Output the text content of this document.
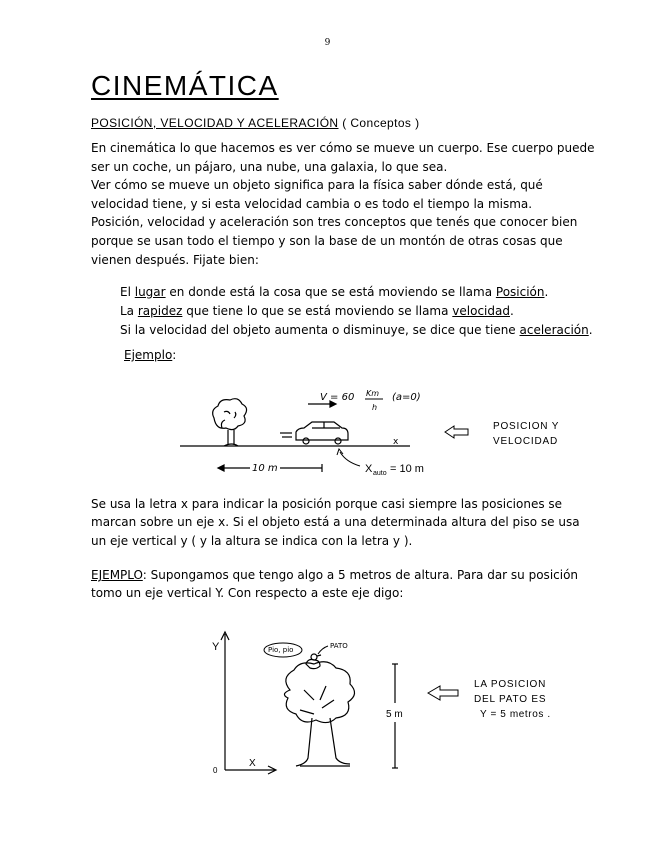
9
CINEMÁTICA
POSICIÓN, VELOCIDAD Y ACELERACIÓN ( Conceptos )

En cinemática lo que hacemos es ver cómo se mueve un cuerpo. Ese cuerpo puede ser un coche, un pájaro, una nube, una galaxia, lo que sea.

Ver cómo se mueve un objeto significa para la física saber dónde está, qué velocidad tiene, y si esta velocidad cambia o es todo el tiempo la misma.

Posición, velocidad y aceleración son tres conceptos que tenés que conocer bien porque se usan todo el tiempo y son la base de un montón de otras cosas que vienen después. Fijate bien:

El lugar en donde está la cosa que se está moviendo se llama Posición.

La rapidez que tiene lo que se está moviendo se llama velocidad.

Si la velocidad del objeto aumenta o disminuye, se dice que tiene aceleración.

Ejemplo:
x
V = 60 Km
h
(a=0)
10 m	X auto = 10 m
POSICION Y
VELOCIDAD
Se usa la letra x para indicar la posición porque casi siempre las posiciones se marcan sobre un eje x. Si el objeto está a una determinada altura del piso se usa un eje vertical y ( y la altura se indica con la letra y ).
EJEMPLO: Supongamos que tengo algo a 5 metros de altura. Para dar su posición tomo un eje vertical Y. Con respecto a este eje digo:
Y
X
0
Pio, pio	PATO
5 m
LA POSICION
DEL PATO ES
Y = 5 metros .
